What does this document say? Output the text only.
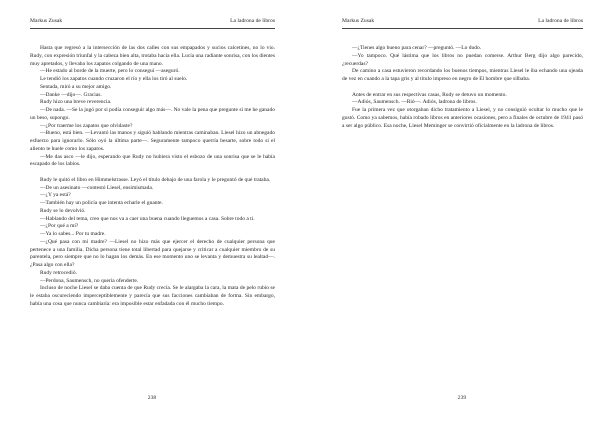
Markus Zusak	La ladrona de libros

Hasta que regresó a la intersección de las dos calles con sus empapados y sucios calcetines, no lo vio. Rudy, con expresión triunfal y la cabeza bien alta, trotaba hacia ella. Lucía una radiante sonrisa, con los dientes muy apretados, y llevaba los zapatos colgando de una mano.

—He estado al borde de la muerte, pero lo conseguí —aseguró.

Le tendió los zapatos cuando cruzaron el río y ella los tiró al suelo.

Sentada, miró a su mejor amigo.

—Danke —dijo—. Gracias.

Rudy hizo una breve reverencia.

—De nada. —Se la jugó por si podía conseguir algo más—. No vale la pena que pregunte si me he ganado un beso, supongo.

—¿Por traerme los zapatos que olvidaste?

—Bueno, está bien. —Levantó las manos y siguió hablando mientras caminaban. Liesel hizo un abnegado esfuerzo para ignorarlo. Sólo oyó la última parte—. Seguramente tampoco querría besarte, sobre todo si el aliento te huele como los zapatos.

—Me das asco —le dijo, esperando que Rudy no hubiera visto el esbozo de una sonrisa que se le había escapado de los labios.

Rudy le quitó el libro en Himmelstrasse. Leyó el título debajo de una farola y le preguntó de qué trataba.

—De un asesinato —contestó Liesel, ensimismada.

—¿Y ya está?

—También hay un policía que intenta echarle el guante.

Rudy se lo devolvió.

—Hablando del tema, creo que nos va a caer una buena cuando lleguemos a casa. Sobre todo a ti.

—¿Por qué a mí?

—Ya lo sabes... Por tu madre.

—¿Qué pasa con mi madre? —Liesel no hizo más que ejercer el derecho de cualquier persona que pertenece a una familia. Dicha persona tiene total libertad para quejarse y criticar a cualquier miembro de su parentela, pero siempre que no lo hagan los demás. En ese momento uno se levanta y demuestra su lealtad—. ¿Pasa algo con ella?

Rudy retrocedió.

—Perdona, Saumensch, no quería ofenderte.

Incluso de noche Liesel se daba cuenta de que Rudy crecía. Se le alargaba la cara, la mata de pelo rubio se le estaba oscureciendo imperceptiblemente y parecía que sus facciones cambiaban de forma. Sin embargo, había una cosa que nunca cambiaría: era imposible estar enfadada con él mucho tiempo.

238
Markus Zusak	La ladrona de libros

—¿Tienes algo bueno para cenar? —preguntó. —Lo dudo.

—Yo tampoco. Qué lástima que los libros no puedan comerse. Arthur Berg dijo algo parecido, ¿recuerdas?

De camino a casa estuvieron recordando los buenos tiempos, mientras Liesel le iba echando una ojeada de vez en cuando a la tapa gris y al título impreso en negro de El hombre que silbaba.

Antes de entrar en sus respectivas casas, Rudy se detuvo un momento.

—Adiós, Saumensch. —Rió—. Adiós, ladrona de libros.

Fue la primera vez que otorgaban dicho tratamiento a Liesel, y no consiguió ocultar lo mucho que le gustó. Como ya sabemos, había robado libros en anteriores ocasiones, pero a finales de octubre de 1941 pasó a ser algo público. Esa noche, Liesel Meminger se convirtió oficialmente en la ladrona de libros.

239
